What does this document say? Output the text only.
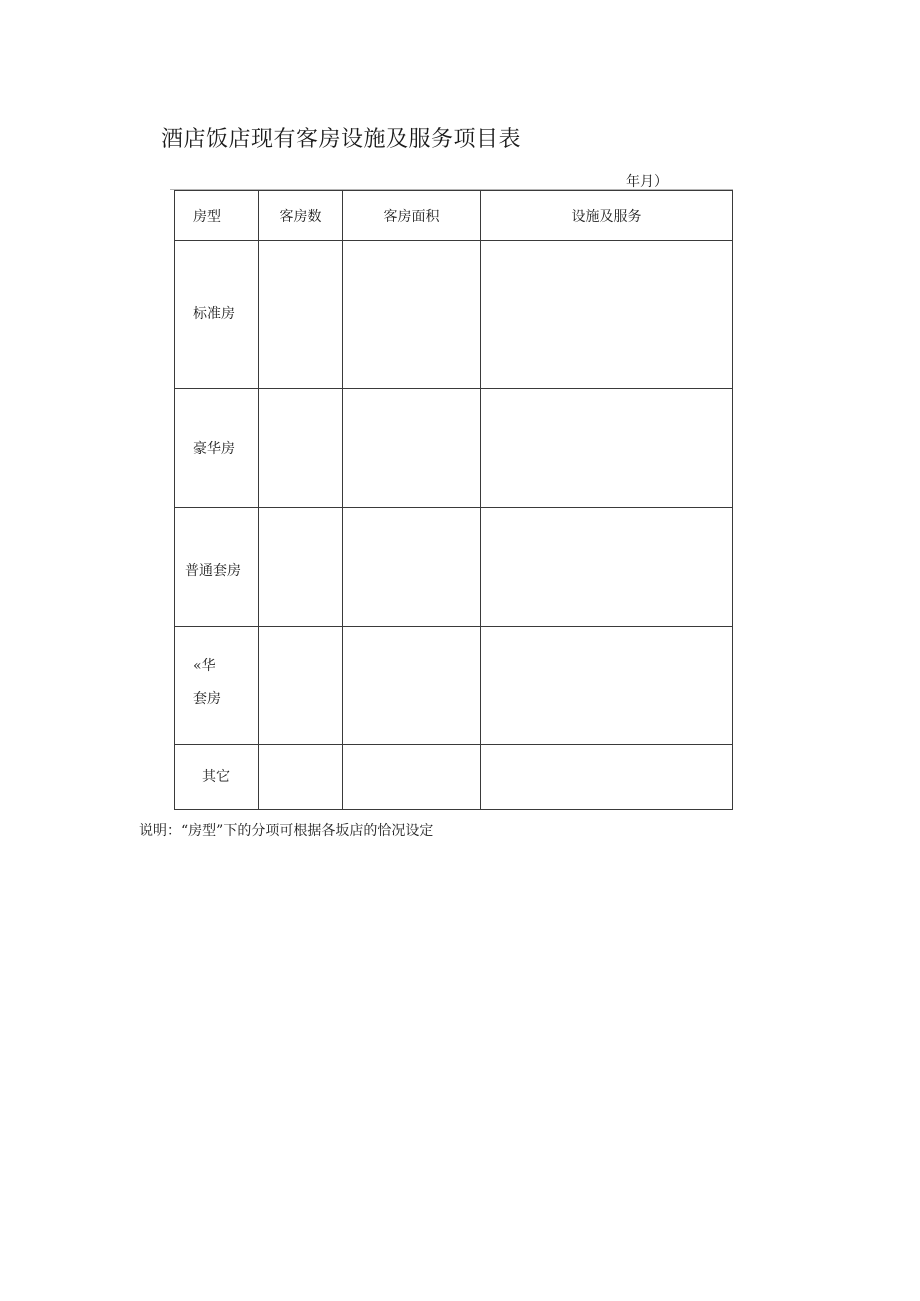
酒店饭店现有客房设施及服务项目表
年月）
房型	客房数	客房面积	设施及服务
标准房			
豪华房			
普通套房			
«华
套房			
其它			
说明：“房型”下的分项可根据各坂店的恰况设定
